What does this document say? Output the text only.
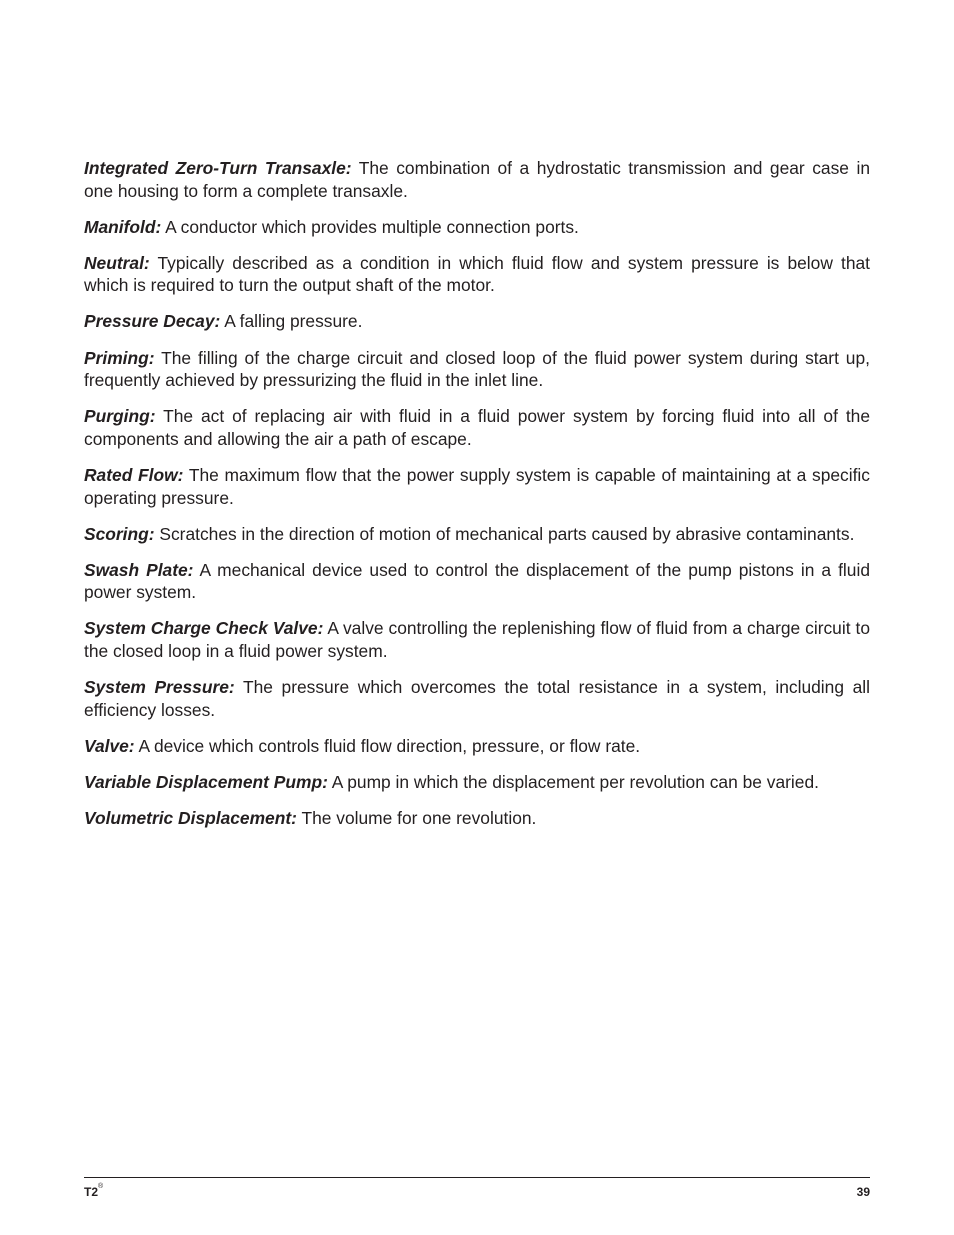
Integrated Zero-Turn Transaxle: The combination of a hydrostatic transmission and gear case in one housing to form a complete transaxle.

Manifold: A conductor which provides multiple connection ports.

Neutral: Typically described as a condition in which fluid flow and system pressure is below that which is required to turn the output shaft of the motor.

Pressure Decay: A falling pressure.

Priming: The filling of the charge circuit and closed loop of the fluid power system during start up, frequently achieved by pressurizing the fluid in the inlet line.

Purging: The act of replacing air with fluid in a fluid power system by forcing fluid into all of the components and allowing the air a path of escape.

Rated Flow: The maximum flow that the power supply system is capable of maintaining at a specific operating pressure.

Scoring: Scratches in the direction of motion of mechanical parts caused by abrasive contaminants.

Swash Plate: A mechanical device used to control the displacement of the pump pistons in a fluid power system.

System Charge Check Valve: A valve controlling the replenishing flow of fluid from a charge circuit to the closed loop in a fluid power system.

System Pressure: The pressure which overcomes the total resistance in a system, including all efficiency losses.

Valve: A device which controls fluid flow direction, pressure, or flow rate.

Variable Displacement Pump: A pump in which the displacement per revolution can be varied.

Volumetric Displacement: The volume for one revolution.

T2®	39
